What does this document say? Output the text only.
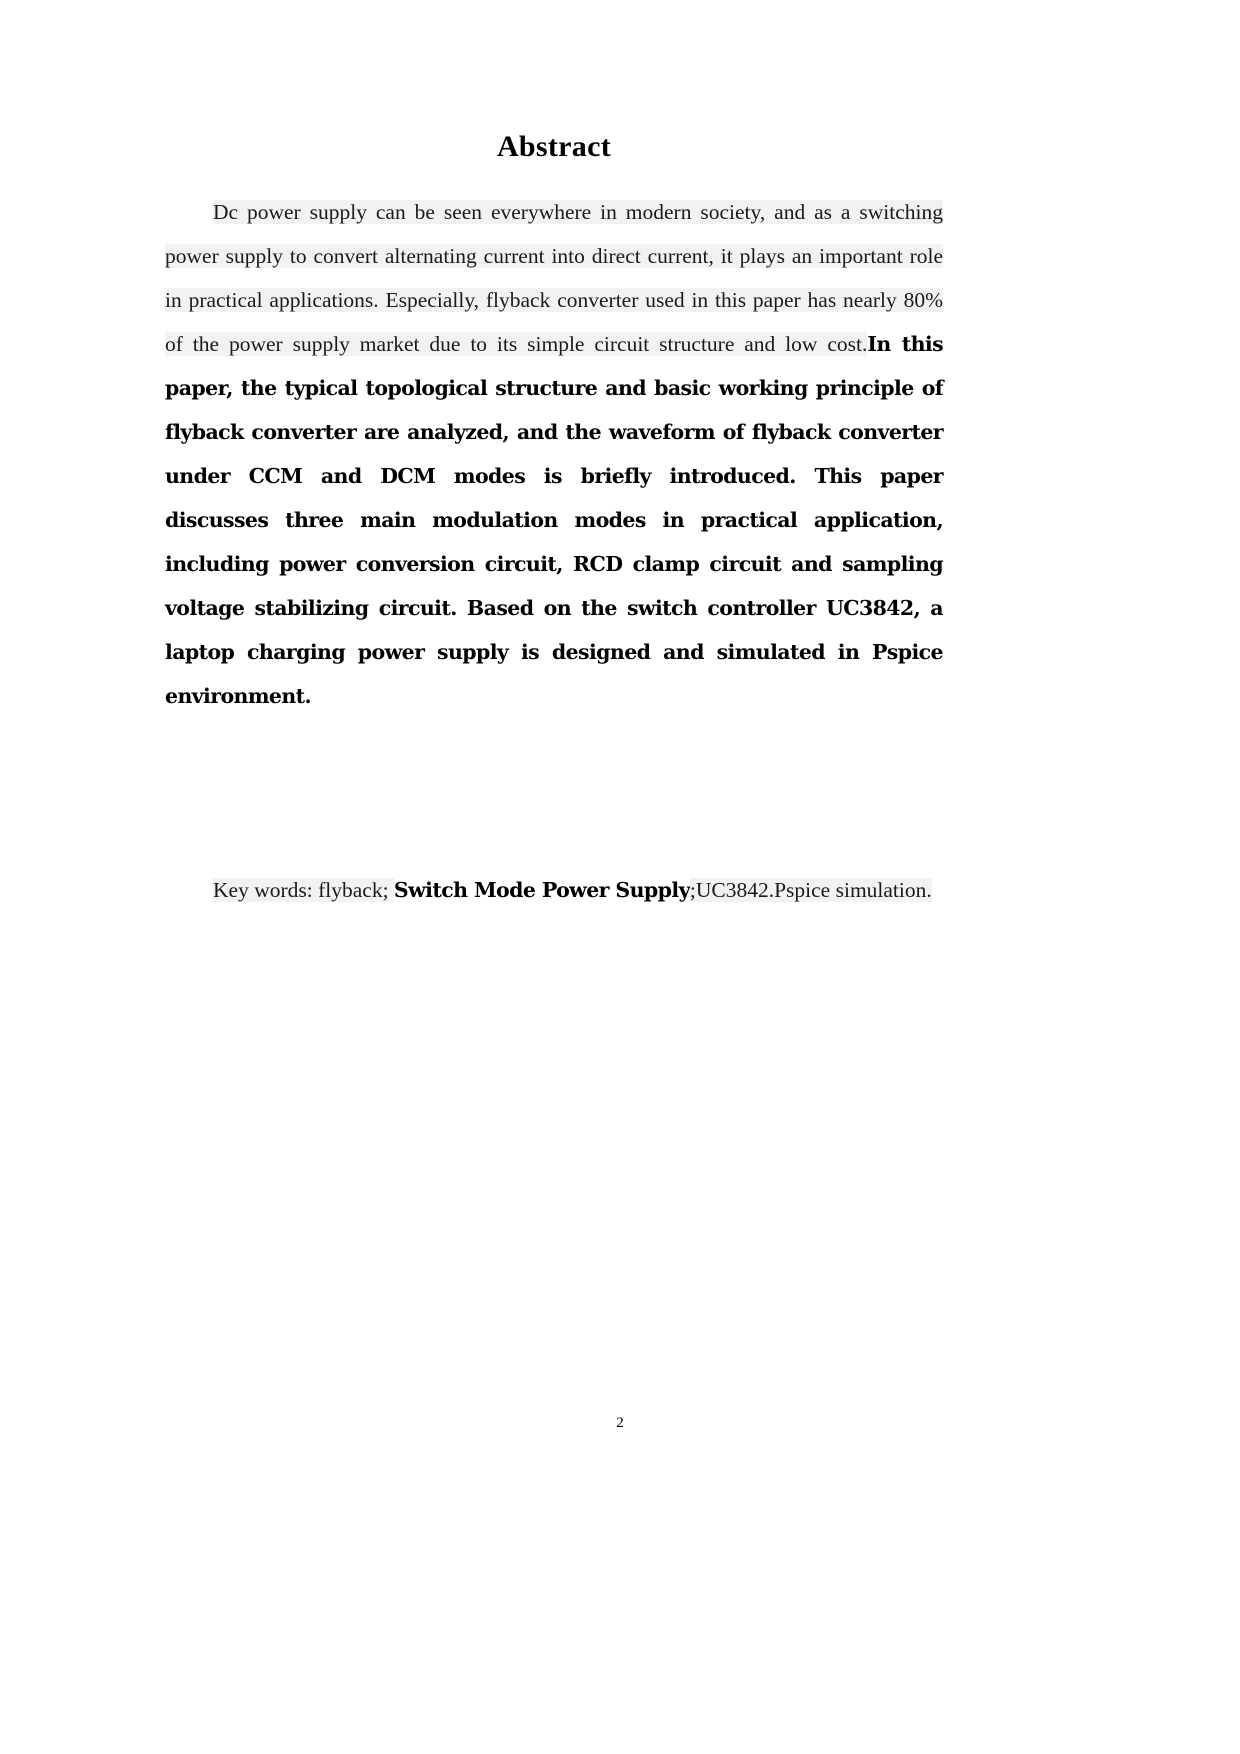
Abstract

Dc power supply can be seen everywhere in modern society, and as a switching power supply to convert alternating current into direct current, it plays an important role in practical applications. Especially, flyback converter used in this paper has nearly 80% of the power supply market due to its simple circuit structure and low cost.In this paper, the typical topological structure and basic working principle of flyback converter are analyzed, and the waveform of flyback converter under CCM and DCM modes is briefly introduced. This paper discusses three main modulation modes in practical application, including power conversion circuit, RCD clamp circuit and sampling voltage stabilizing circuit. Based on the switch controller UC3842, a laptop charging power supply is designed and simulated in Pspice environment.

Key words: flyback; Switch Mode Power Supply;UC3842.Pspice simulation.

2
